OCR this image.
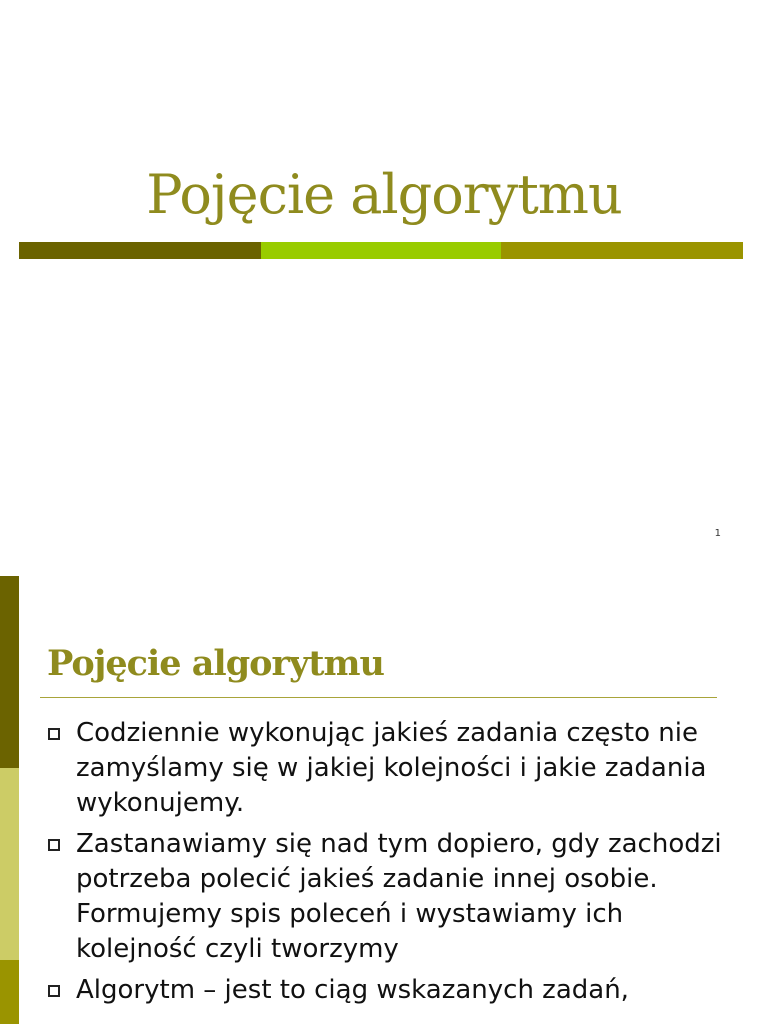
Pojęcie algorytmu
1
Pojęcie algorytmu
Codziennie wykonując jakieś zadania często nie zamyślamy się w jakiej kolejności i jakie zadania wykonujemy.
Zastanawiamy się nad tym dopiero, gdy zachodzi potrzeba polecić jakieś zadanie innej osobie. Formujemy spis poleceń i wystawiamy ich kolejność czyli tworzymy
Algorytm – jest to ciąg wskazanych zadań,
